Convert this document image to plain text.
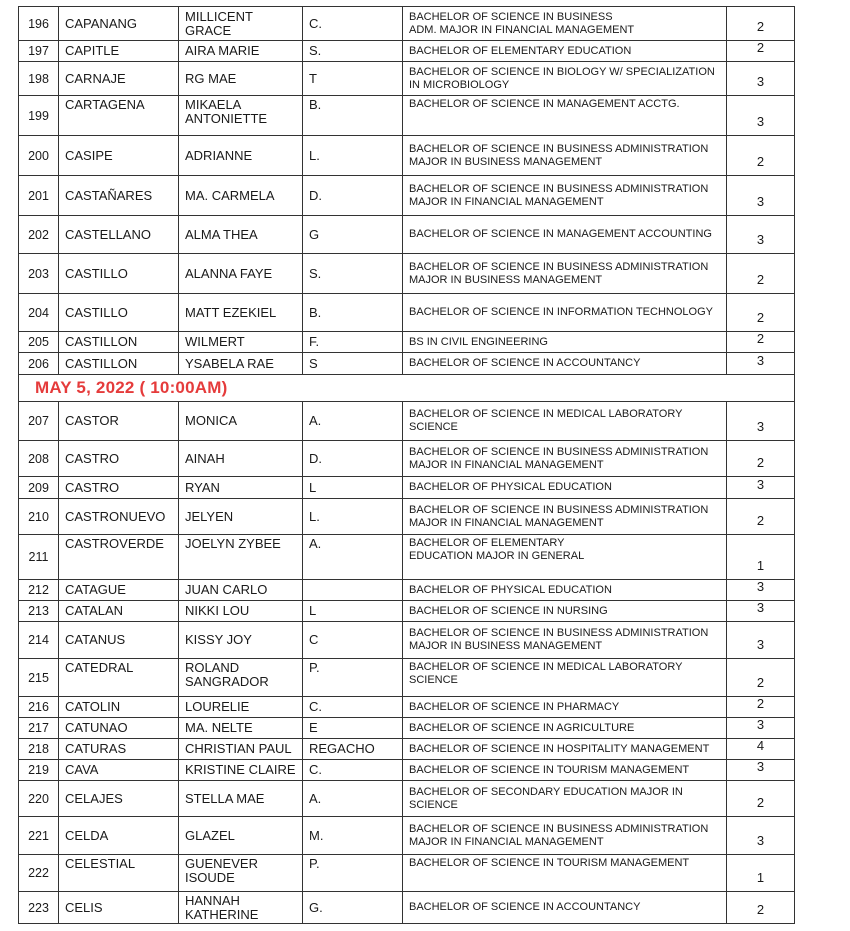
196	CAPANANG	MILLICENT GRACE	C.	BACHELOR OF SCIENCE IN BUSINESS
ADM. MAJOR IN FINANCIAL MANAGEMENT	2
197	CAPITLE	AIRA MARIE	S.	BACHELOR OF ELEMENTARY EDUCATION	2
198	CARNAJE	RG MAE	T	BACHELOR OF SCIENCE IN BIOLOGY W/ SPECIALIZATION IN MICROBIOLOGY	3
199	CARTAGENA	MIKAELA ANTONIETTE	B.	BACHELOR OF SCIENCE IN MANAGEMENT ACCTG.	3
200	CASIPE	ADRIANNE	L.	BACHELOR OF SCIENCE IN BUSINESS ADMINISTRATION MAJOR IN BUSINESS MANAGEMENT	2
201	CASTAÑARES	MA. CARMELA	D.	BACHELOR OF SCIENCE IN BUSINESS ADMINISTRATION MAJOR IN FINANCIAL MANAGEMENT	3
202	CASTELLANO	ALMA THEA	G	BACHELOR OF SCIENCE IN MANAGEMENT ACCOUNTING	3
203	CASTILLO	ALANNA FAYE	S.	BACHELOR OF SCIENCE IN BUSINESS ADMINISTRATION MAJOR IN BUSINESS MANAGEMENT	2
204	CASTILLO	MATT EZEKIEL	B.	BACHELOR OF SCIENCE IN INFORMATION TECHNOLOGY	2
205	CASTILLON	WILMERT	F.	BS IN CIVIL ENGINEERING	2
206	CASTILLON	YSABELA RAE	S	BACHELOR OF SCIENCE IN ACCOUNTANCY	3
MAY 5, 2022 ( 10:00AM)					
207	CASTOR	MONICA	A.	BACHELOR OF SCIENCE IN MEDICAL LABORATORY SCIENCE	3
208	CASTRO	AINAH	D.	BACHELOR OF SCIENCE IN BUSINESS ADMINISTRATION MAJOR IN FINANCIAL MANAGEMENT	2
209	CASTRO	RYAN	L	BACHELOR OF PHYSICAL EDUCATION	3
210	CASTRONUEVO	JELYEN	L.	BACHELOR OF SCIENCE IN BUSINESS ADMINISTRATION MAJOR IN FINANCIAL MANAGEMENT	2
211	CASTROVERDE	JOELYN ZYBEE	A.	BACHELOR OF ELEMENTARY
EDUCATION MAJOR IN GENERAL	1
212	CATAGUE	JUAN CARLO		BACHELOR OF PHYSICAL EDUCATION	3
213	CATALAN	NIKKI LOU	L	BACHELOR OF SCIENCE IN NURSING	3
214	CATANUS	KISSY JOY	C	BACHELOR OF SCIENCE IN BUSINESS ADMINISTRATION MAJOR IN BUSINESS MANAGEMENT	3
215	CATEDRAL	ROLAND SANGRADOR	P.	BACHELOR OF SCIENCE IN MEDICAL LABORATORY SCIENCE	2
216	CATOLIN	LOURELIE	C.	BACHELOR OF SCIENCE IN PHARMACY	2
217	CATUNAO	MA. NELTE	E	BACHELOR OF SCIENCE IN AGRICULTURE	3
218	CATURAS	CHRISTIAN PAUL	REGACHO	BACHELOR OF SCIENCE IN HOSPITALITY MANAGEMENT	4
219	CAVA	KRISTINE CLAIRE	C.	BACHELOR OF SCIENCE IN TOURISM MANAGEMENT	3
220	CELAJES	STELLA MAE	A.	BACHELOR OF SECONDARY EDUCATION MAJOR IN SCIENCE	2
221	CELDA	GLAZEL	M.	BACHELOR OF SCIENCE IN BUSINESS ADMINISTRATION MAJOR IN FINANCIAL MANAGEMENT	3
222	CELESTIAL	GUENEVER ISOUDE	P.	BACHELOR OF SCIENCE IN TOURISM MANAGEMENT	1
223	CELIS	HANNAH KATHERINE	G.	BACHELOR OF SCIENCE IN ACCOUNTANCY	2
